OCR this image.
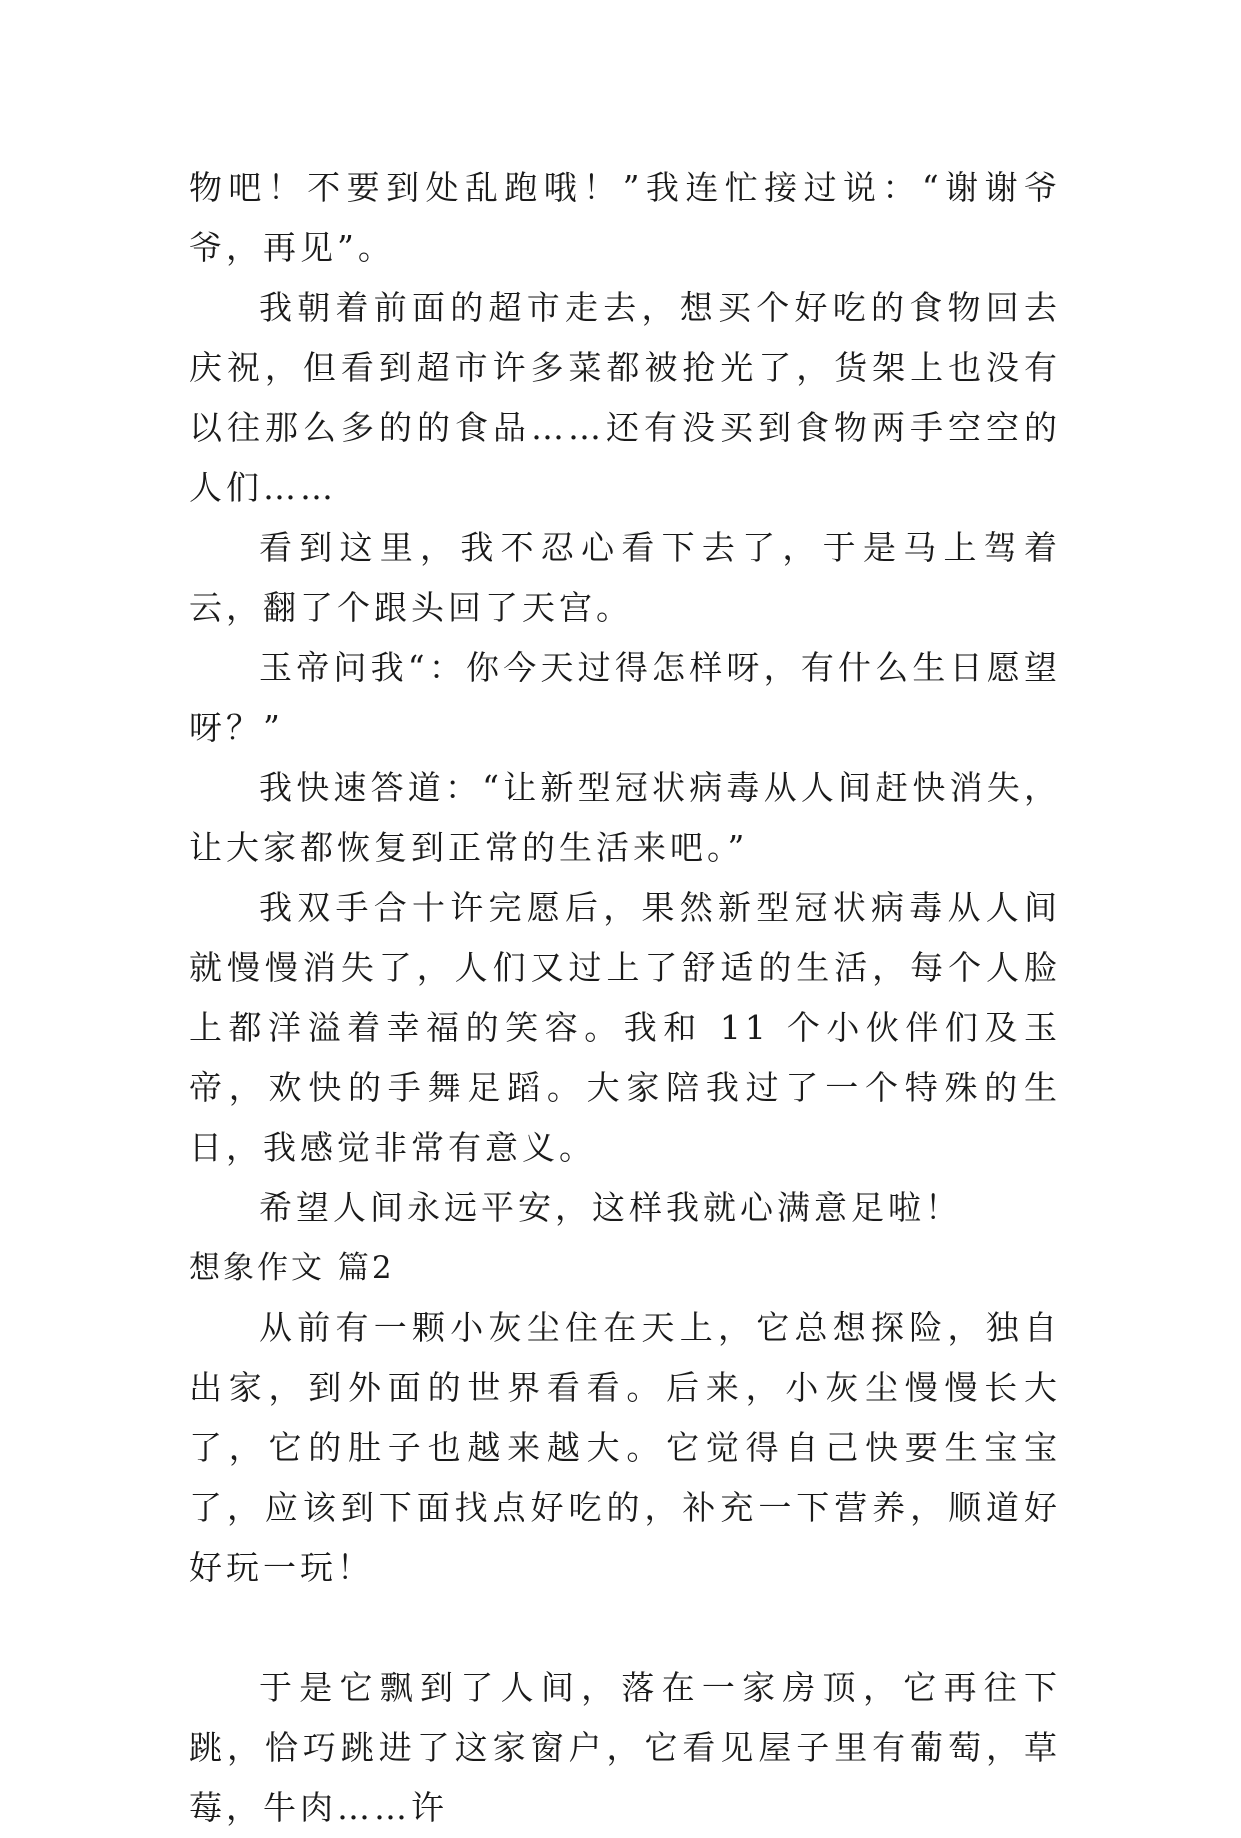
物吧！不要到处乱跑哦！”我连忙接过说：“谢谢爷爷，再见”。

我朝着前面的超市走去，想买个好吃的食物回去庆祝，但看到超市许多菜都被抢光了，货架上也没有以往那么多的的食品……还有没买到食物两手空空的人们……

看到这里，我不忍心看下去了，于是马上驾着云，翻了个跟头回了天宫。

玉帝问我“：你今天过得怎样呀，有什么生日愿望呀？”

我快速答道：“让新型冠状病毒从人间赶快消失，让大家都恢复到正常的生活来吧。”

我双手合十许完愿后，果然新型冠状病毒从人间就慢慢消失了，人们又过上了舒适的生活，每个人脸上都洋溢着幸福的笑容。我和 11 个小伙伴们及玉帝，欢快的手舞足蹈。大家陪我过了一个特殊的生日，我感觉非常有意义。

希望人间永远平安，这样我就心满意足啦！

想象作文 篇2

从前有一颗小灰尘住在天上，它总想探险，独自出家，到外面的世界看看。后来，小灰尘慢慢长大了，它的肚子也越来越大。它觉得自己快要生宝宝了，应该到下面找点好吃的，补充一下营养，顺道好好玩一玩！

于是它飘到了人间，落在一家房顶，它再往下跳，恰巧跳进了这家窗户，它看见屋子里有葡萄，草莓，牛肉……许
